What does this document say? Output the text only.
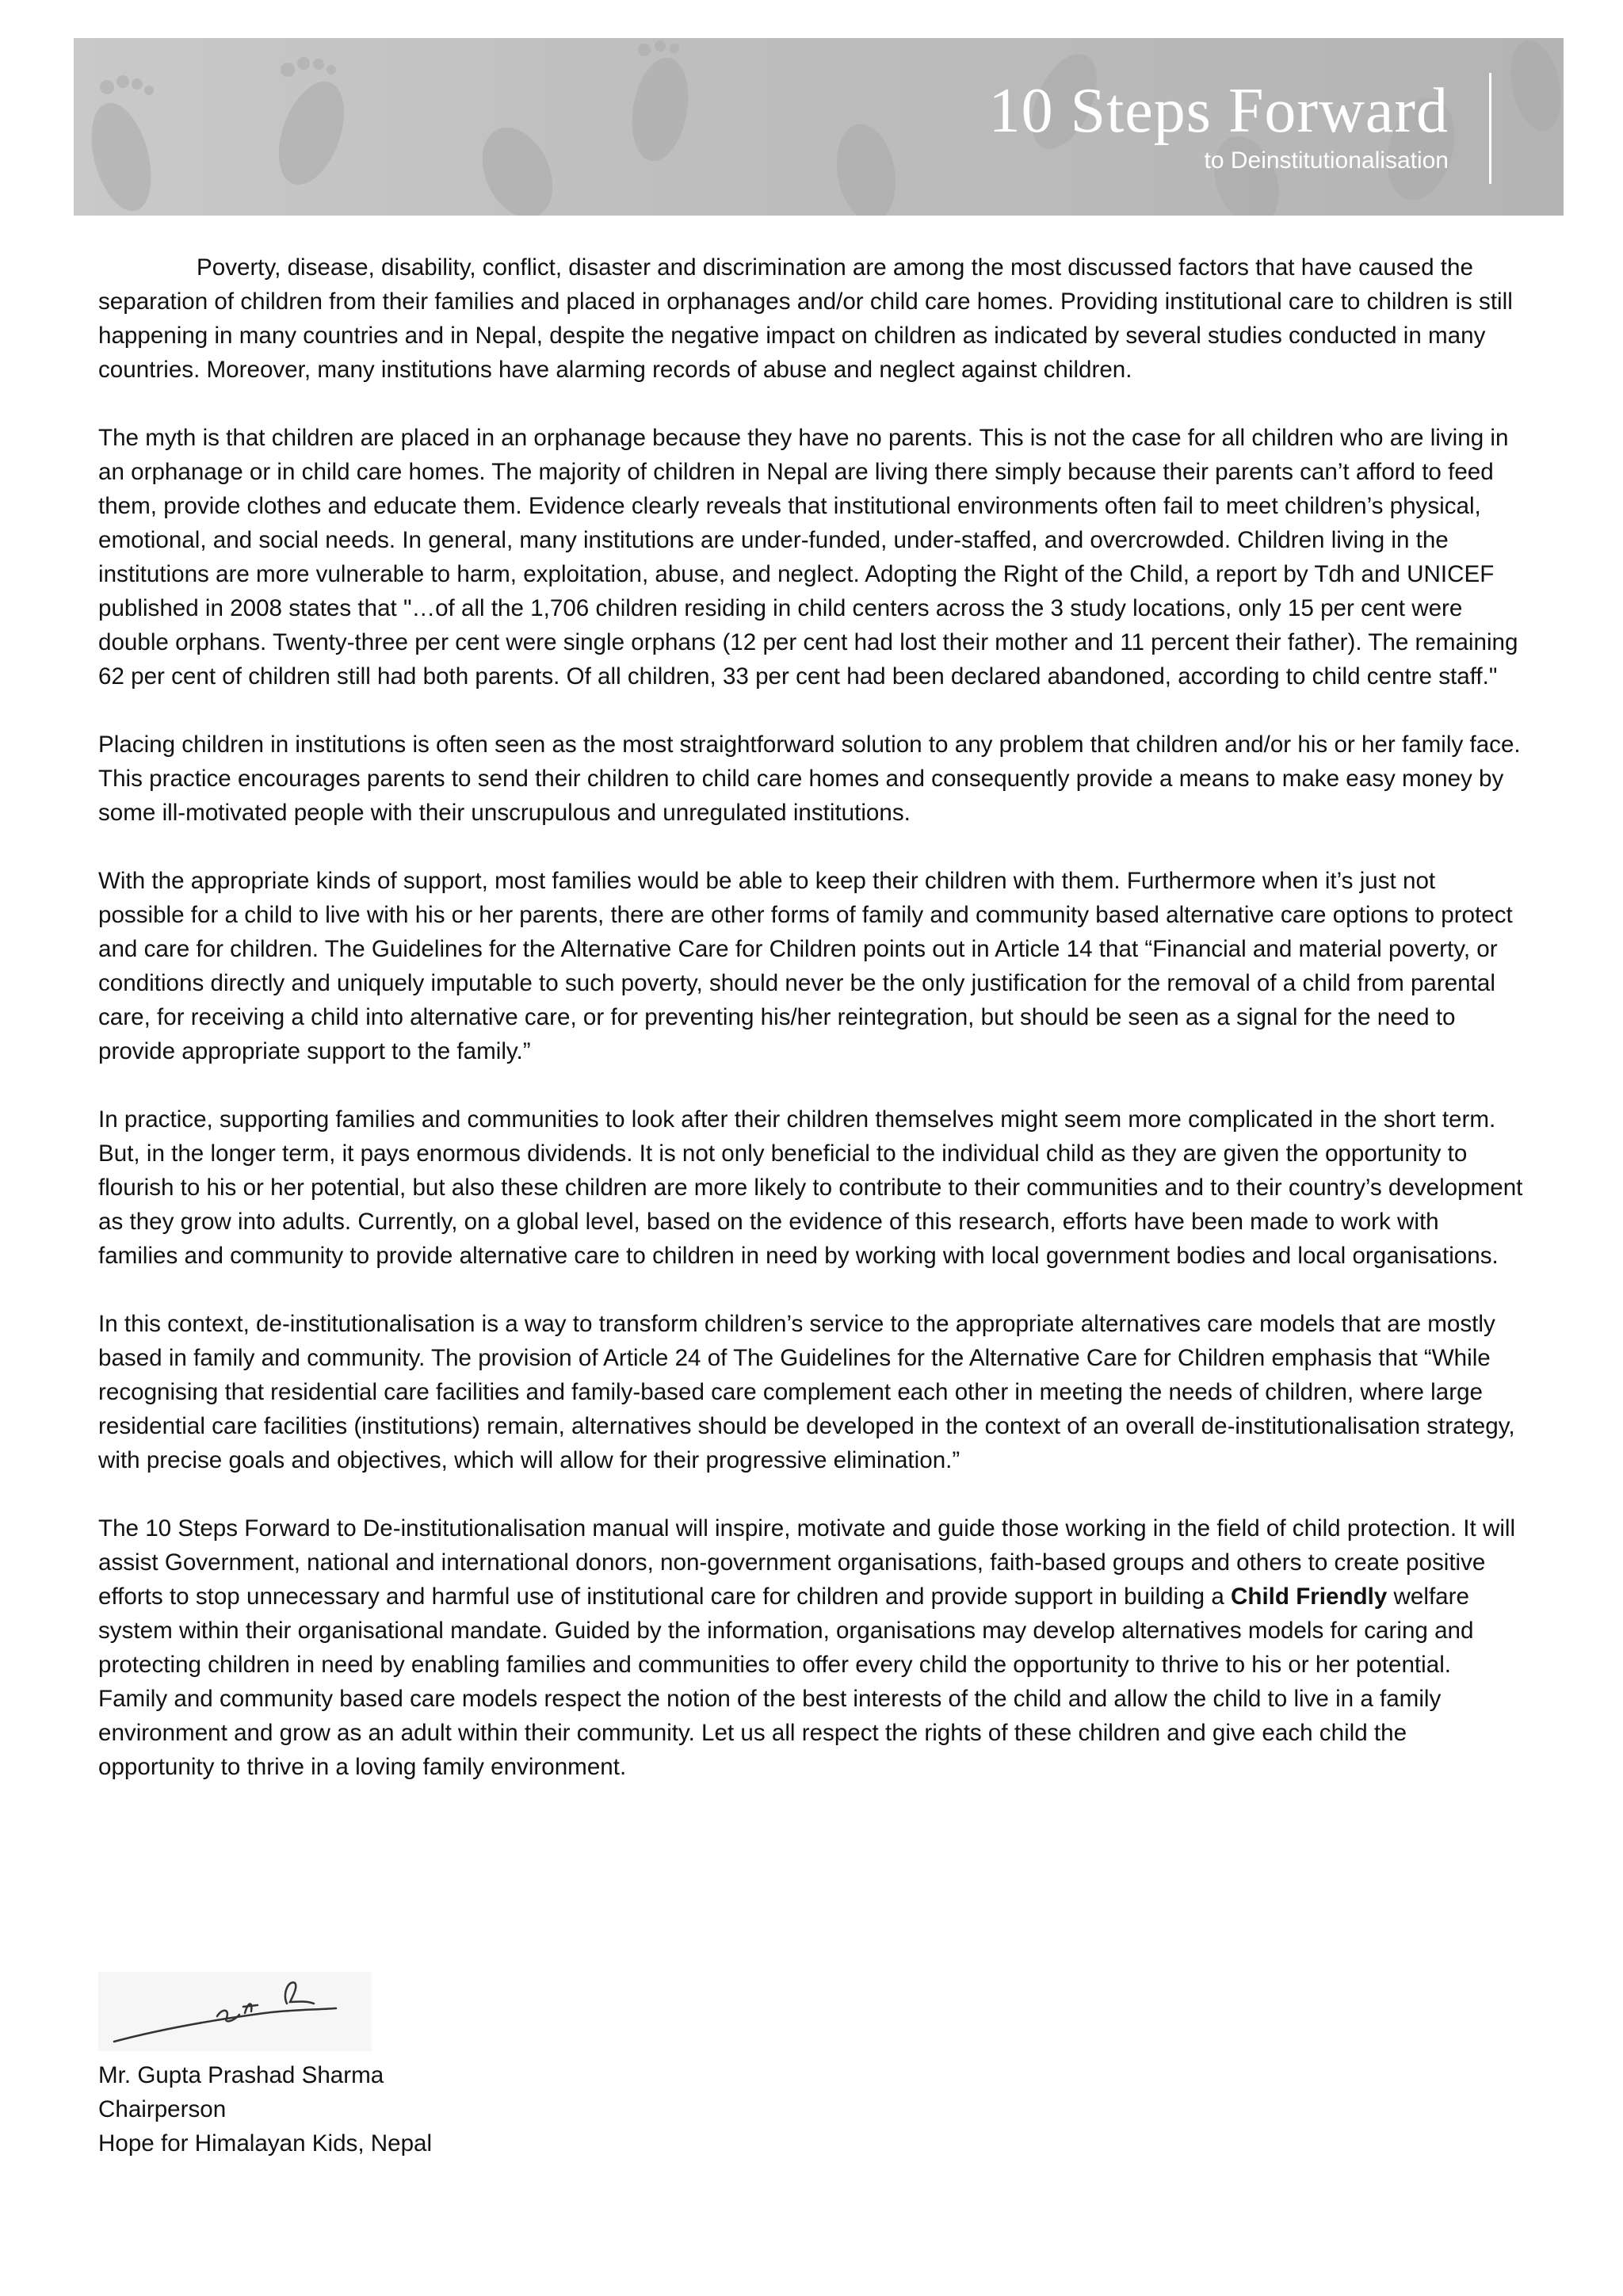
10 Steps Forward
to Deinstitutionalisation

Poverty, disease, disability, conflict, disaster and discrimination are among the most discussed factors that have caused the separation of children from their families and placed in orphanages and/or child care homes. Providing institutional care to children is still happening in many countries and in Nepal, despite the negative impact on children as indicated by several studies conducted in many countries. Moreover, many institutions have alarming records of abuse and neglect against children.

The myth is that children are placed in an orphanage because they have no parents. This is not the case for all children who are living in an orphanage or in child care homes. The majority of children in Nepal are living there simply because their parents can’t afford to feed them, provide clothes and educate them. Evidence clearly reveals that institutional environments often fail to meet children’s physical, emotional, and social needs. In general, many institutions are under-funded, under-staffed, and overcrowded. Children living in the institutions are more vulnerable to harm, exploitation, abuse, and neglect. Adopting the Right of the Child, a report by Tdh and UNICEF published in 2008 states that "…of all the 1,706 children residing in child centers across the 3 study locations, only 15 per cent were double orphans. Twenty-three per cent were single orphans (12 per cent had lost their mother and 11 percent their father). The remaining 62 per cent of children still had both parents. Of all children, 33 per cent had been declared abandoned, according to child centre staff."

Placing children in institutions is often seen as the most straightforward solution to any problem that children and/or his or her family face. This practice encourages parents to send their children to child care homes and consequently provide a means to make easy money by some ill-motivated people with their unscrupulous and unregulated institutions.

With the appropriate kinds of support, most families would be able to keep their children with them. Furthermore when it’s just not possible for a child to live with his or her parents, there are other forms of family and community based alternative care options to protect and care for children. The Guidelines for the Alternative Care for Children points out in Article 14 that “Financial and material poverty, or conditions directly and uniquely imputable to such poverty, should never be the only justification for the removal of a child from parental care, for receiving a child into alternative care, or for preventing his/her reintegration, but should be seen as a signal for the need to provide appropriate support to the family.”

In practice, supporting families and communities to look after their children themselves might seem more complicated in the short term. But, in the longer term, it pays enormous dividends. It is not only beneficial to the individual child as they are given the opportunity to flourish to his or her potential, but also these children are more likely to contribute to their communities and to their country’s development as they grow into adults. Currently, on a global level, based on the evidence of this research, efforts have been made to work with families and community to provide alternative care to children in need by working with local government bodies and local organisations.

In this context, de-institutionalisation is a way to transform children’s service to the appropriate alternatives care models that are mostly based in family and community. The provision of Article 24 of The Guidelines for the Alternative Care for Children emphasis that “While recognising that residential care facilities and family-based care complement each other in meeting the needs of children, where large residential care facilities (institutions) remain, alternatives should be developed in the context of an overall de-institutionalisation strategy, with precise goals and objectives, which will allow for their progressive elimination.”

The 10 Steps Forward to De-institutionalisation manual will inspire, motivate and guide those working in the field of child protection. It will assist Government, national and international donors, non-government organisations, faith-based groups and others to create positive efforts to stop unnecessary and harmful use of institutional care for children and provide support in building a Child Friendly welfare system within their organisational mandate. Guided by the information, organisations may develop alternatives models for caring and protecting children in need by enabling families and communities to offer every child the opportunity to thrive to his or her potential. Family and community based care models respect the notion of the best interests of the child and allow the child to live in a family environment and grow as an adult within their community. Let us all respect the rights of these children and give each child the opportunity to thrive in a loving family environment.

Mr. Gupta Prashad Sharma
Chairperson
Hope for Himalayan Kids, Nepal
